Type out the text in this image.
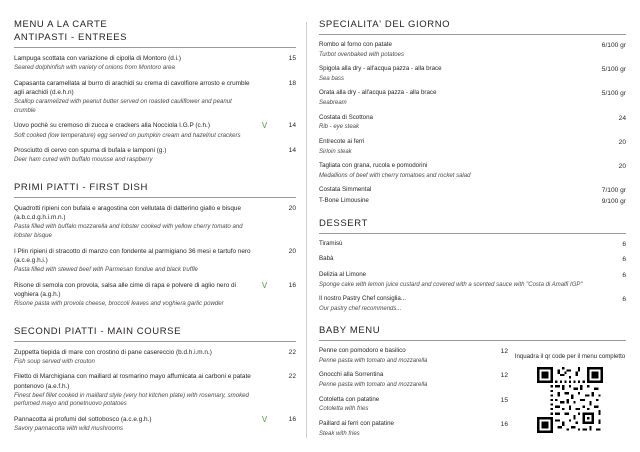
MENU A LA CARTE
ANTIPASTI - ENTREES
Lampuga scottata con variazione di cipolla di Montoro (d.i.)
Seared dolphinfish with variety of onions from Montoro area
15
Capasanta caramellata al burro di arachidi su crema di cavolfiore arrosto e crumble agli arachidi (d.e.h.n)
Scallop caramelized with peanut butter served on roasted cauliflower and peanut crumble
18
Uovo pochè su cremoso di zucca e crackers alla Nocciola I.G.P (c.h.)
Soft cooked (low temperature) egg served on pumpkin cream and hazelnut crackers
V	14
Prosciutto di cervo con spuma di bufala e lamponi (g.)
Deer ham cured with buffalo mousse and raspberry
14
PRIMI PIATTI - FIRST DISH
Quadrotti ripieni con bufala e aragostina con vellutata di datterino giallo e bisque (a.b.c.d.g.h.i.m.n.)
Pasta filled with buffalo mozzarella and lobster cooked with yellow cherry tomato and lobster bisque
20
I Plin ripieni di stracotto di manzo con fondente al parmigiano 36 mesi e tartufo nero (a.c.e.g.h.i.)
Pasta filled with stewed beef with Parmesan fondue and black truffle
20
Risone di semola con provola, salsa alle cime di rapa e polvere di aglio nero di voghiera (a.g.h.)
Risone pasta with provola cheese, broccoli leaves and voghiera garlic powder
V	16
SECONDI PIATTI - MAIN COURSE
Zuppetta tiepida di mare con crostino di pane casereccio (b.d.h.i.m.n.)
Fish soup served with crouton
22
Filetto di Marchigiana con maillard al rosmarino mayo affumicata ai carboni e patate pontenovo (a.e.f.h.)
Finest beef fillet cooked in maillard style (very hot kitchen plate) with rosemary, smoked perfumed mayo and ponetnuovo potatoes
22
Pannacotta ai profumi del sottobosco (a.c.e.g.h.)
Savory pannacotta with wild mushrooms
V	16
SPECIALITA' DEL GIORNO
Rombo al forno con patate
Turbot ovenbaked with potatoes
6/100 gr
Spigola alla dry - all'acqua pazza - alla brace
Sea bass
5/100 gr
Orata alla dry - all'acqua pazza - alla brace
Seabream
5/100 gr
Costata di Scottona
Rib - eye steak
24
Entrecote ai ferri
Sirloin steak
20
Tagliata con grana, rucola e pomodorini
Medallions of beef with cherry tomatoes and rocket salad
20
Costata Simmental	7/100 gr
T-Bone Limousine	9/100 gr
DESSERT
Tiramisù	6
Babà	6
Delizia al Limone
Sponge cake with lemon juice custard and covered with a scented sauce with "Costa di Amalfi IGP"
6
Il nostro Pastry Chef consiglia...
Our pastry chef recommends...
6
BABY MENU
Penne con pomodoro e basilico
Penne pasta with tomato and mozzarella
12
Gnocchi alla Sorrentina
Penne pasta with tomato and mozzarella
12
Cotoletta con patatine
Cotoletta with fries
15
Paillard ai ferri con patatine
Steak with fries
16
Inquadra il qr code per il menu completto
